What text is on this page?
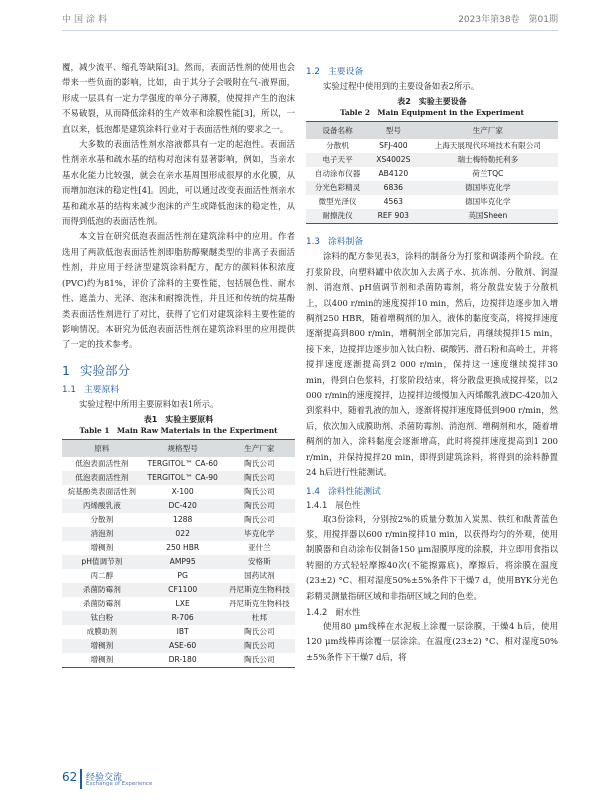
中国涂料	2023年第38卷　第01期

覆，减少流平、缩孔等缺陷[3]。然而，表面活性剂的使用也会带来一些负面的影响，比如，由于其分子会吸附在气-液界面，形成一层具有一定力学强度的单分子薄膜，使搅拌产生的泡沫不易破裂，从而降低涂料的生产效率和涂膜性能[3]，所以，一直以来，低泡都是建筑涂料行业对于表面活性剂的要求之一。

大多数的表面活性剂水溶液都具有一定的起泡性。表面活性剂亲水基和疏水基的结构对泡沫有显著影响，例如，当亲水基水化能力比较强，就会在亲水基周围形成很厚的水化膜，从而增加泡沫的稳定性[4]。因此，可以通过改变表面活性剂亲水基和疏水基的结构来减少泡沫的产生或降低泡沫的稳定性，从而得到低泡的表面活性剂。

本文旨在研究低泡表面活性剂在建筑涂料中的应用。作者选用了两款低泡表面活性剂即脂肪醇聚醚类型的非离子表面活性剂，并应用于经济型建筑涂料配方，配方的颜料体积浓度(PVC)约为81%，评价了涂料的主要性能，包括展色性、耐水性、遮盖力、光泽、泡沫和耐擦洗性，并且还和传统的烷基酚类表面活性剂进行了对比，获得了它们对建筑涂料主要性能的影响情况。本研究为低泡表面活性剂在建筑涂料里的应用提供了一定的技术参考。

1 实验部分
1.1 主要原料

实验过程中所用主要原料如表1所示。

表1　实验主要原料
Table 1　Main Raw Materials in the Experiment
原料	规格型号	生产厂家
低泡表面活性剂	TERGITOL™ CA-60	陶氏公司
低泡表面活性剂	TERGITOL™ CA-90	陶氏公司
烷基酚类表面活性剂	X-100	陶氏公司
丙烯酸乳液	DC-420	陶氏公司
分散剂	1288	陶氏公司
消泡剂	022	毕克化学
增稠剂	250 HBR	亚什兰
pH值调节剂	AMP95	安格斯
丙二醇	PG	国药试剂
杀菌防霉剂	CF1100	丹尼斯克生物科技
杀菌防霉剂	LXE	丹尼斯克生物科技
钛白粉	R-706	杜邦
成膜助剂	IBT	陶氏公司
增稠剂	ASE-60	陶氏公司
增稠剂	DR-180	陶氏公司
1.2 主要设备

实验过程中使用到的主要设备如表2所示。

表2　实验主要设备
Table 2　Main Equipment in the Experiment
设备名称	型号	生产厂家
分散机	SFJ-400	上海天展现代环境技术有限公司
电子天平	XS4002S	瑞士梅特勒托利多
自动涂布仪器	AB4120	荷兰TQC
分光色彩精灵	6836	德国毕克化学
微型光泽仪	4563	德国毕克化学
耐擦洗仪	REF 903	英国Sheen
1.3 涂料制备

涂料的配方参见表3，涂料的制备分为打浆和调漆两个阶段。在打浆阶段，向塑料罐中依次加入去离子水、抗冻剂、分散剂、润湿剂、消泡剂、pH值调节剂和杀菌防霉剂，将分散盘安装于分散机上，以400 r/min的速度搅拌10 min，然后，边搅拌边逐步加入增稠剂250 HBR，随着增稠剂的加入，液体的黏度变高，将搅拌速度逐渐提高到800 r/min，增稠剂全部加完后，再继续搅拌15 min，接下来，边搅拌边逐步加入钛白粉、碳酸钙、滑石粉和高岭土，并将搅拌速度逐渐提高到2 000 r/min，保持这一速度继续搅拌30 min，得到白色浆料，打浆阶段结束，将分散盘更换成搅拌桨，以2 000 r/min的速度搅拌，边搅拌边缓慢加入丙烯酸乳液DC-420加入到浆料中，随着乳液的加入，逐渐将搅拌速度降低到900 r/min，然后，依次加入成膜助剂、杀菌防霉剂、消泡剂、增稠剂和水，随着增稠剂的加入，涂料黏度会逐渐增高，此时将搅拌速度提高到1 200 r/min，并保持搅拌20 min，即得到建筑涂料，将得到的涂料静置24 h后进行性能测试。

1.4 涂料性能测试
1.4.1 展色性

取3份涂料，分别按2%的质量分数加入炭黑、铁红和酞菁蓝色浆，用搅拌器以600 r/min搅拌10 min，以获得均匀的外观，使用制膜器和自动涂布仪制备150 μm湿膜厚度的涂膜，并立即用食指以转圈的方式轻轻摩擦40次(不能擦露底)，摩擦后，将涂膜在温度(23±2) °C、相对湿度50%±5%条件下干燥7 d，使用BYK分光色彩精灵测量指研区域和非指研区域之间的色差。

1.4.2 耐水性

使用80 μm线棒在水泥板上涂覆一层涂膜，干燥4 h后，使用120 μm线棒再涂覆一层涂涂。在温度(23±2) °C、相对湿度50%±5%条件下干燥7 d后，将

62 经验交流
Exchange of Experience
